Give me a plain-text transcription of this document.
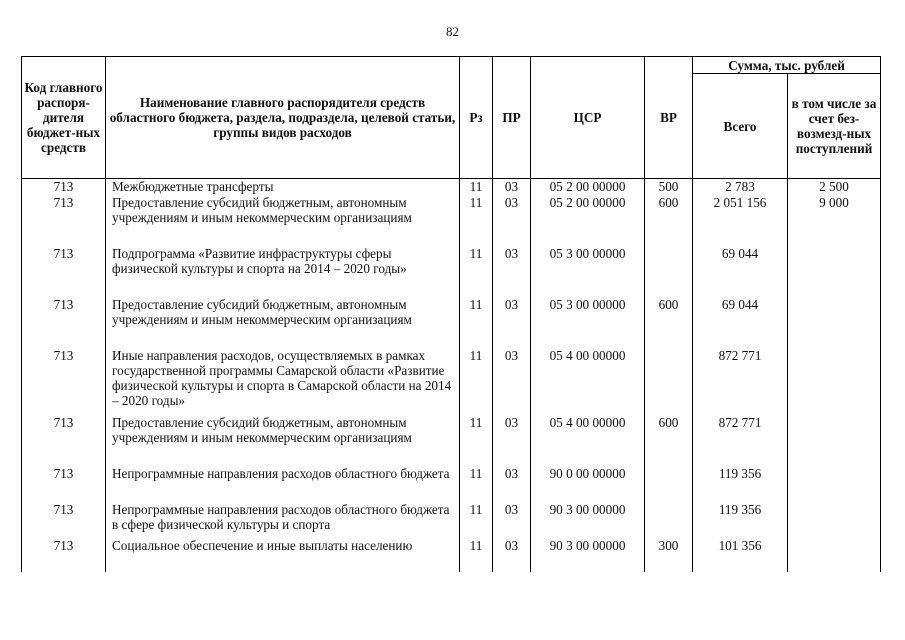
82
Код главного распоря-дителя бюджет-ных средств	Наименование главного распорядителя средств областного бюджета, раздела, подраздела, целевой статьи, группы видов расходов	Рз	ПР	ЦСР	ВР	Сумма, тыс. рублей	
						Всего	в том числе за счет без-возмезд-ных поступлений
713	Межбюджетные трансферты	11	03	05 2 00 00000	500	2 783	2 500
713	Предоставление субсидий бюджетным, автономным учреждениям и иным некоммерческим организациям	11	03	05 2 00 00000	600	2 051 156	9 000
713	Подпрограмма «Развитие инфраструктуры сферы физической культуры и спорта на 2014 – 2020 годы»	11	03	05 3 00 00000		69 044	
713	Предоставление субсидий бюджетным, автономным учреждениям и иным некоммерческим организациям	11	03	05 3 00 00000	600	69 044	
713	Иные направления расходов, осуществляемых в рамках государственной программы Самарской области «Развитие физической культуры и спорта в Самарской области на 2014 – 2020 годы»	11	03	05 4 00 00000		872 771	
713	Предоставление субсидий бюджетным, автономным учреждениям и иным некоммерческим организациям	11	03	05 4 00 00000	600	872 771	
713	Непрограммные направления расходов областного бюджета	11	03	90 0 00 00000		119 356	
713	Непрограммные направления расходов областного бюджета в сфере физической культуры и спорта	11	03	90 3 00 00000		119 356	
713	Социальное обеспечение и иные выплаты населению	11	03	90 3 00 00000	300	101 356	
